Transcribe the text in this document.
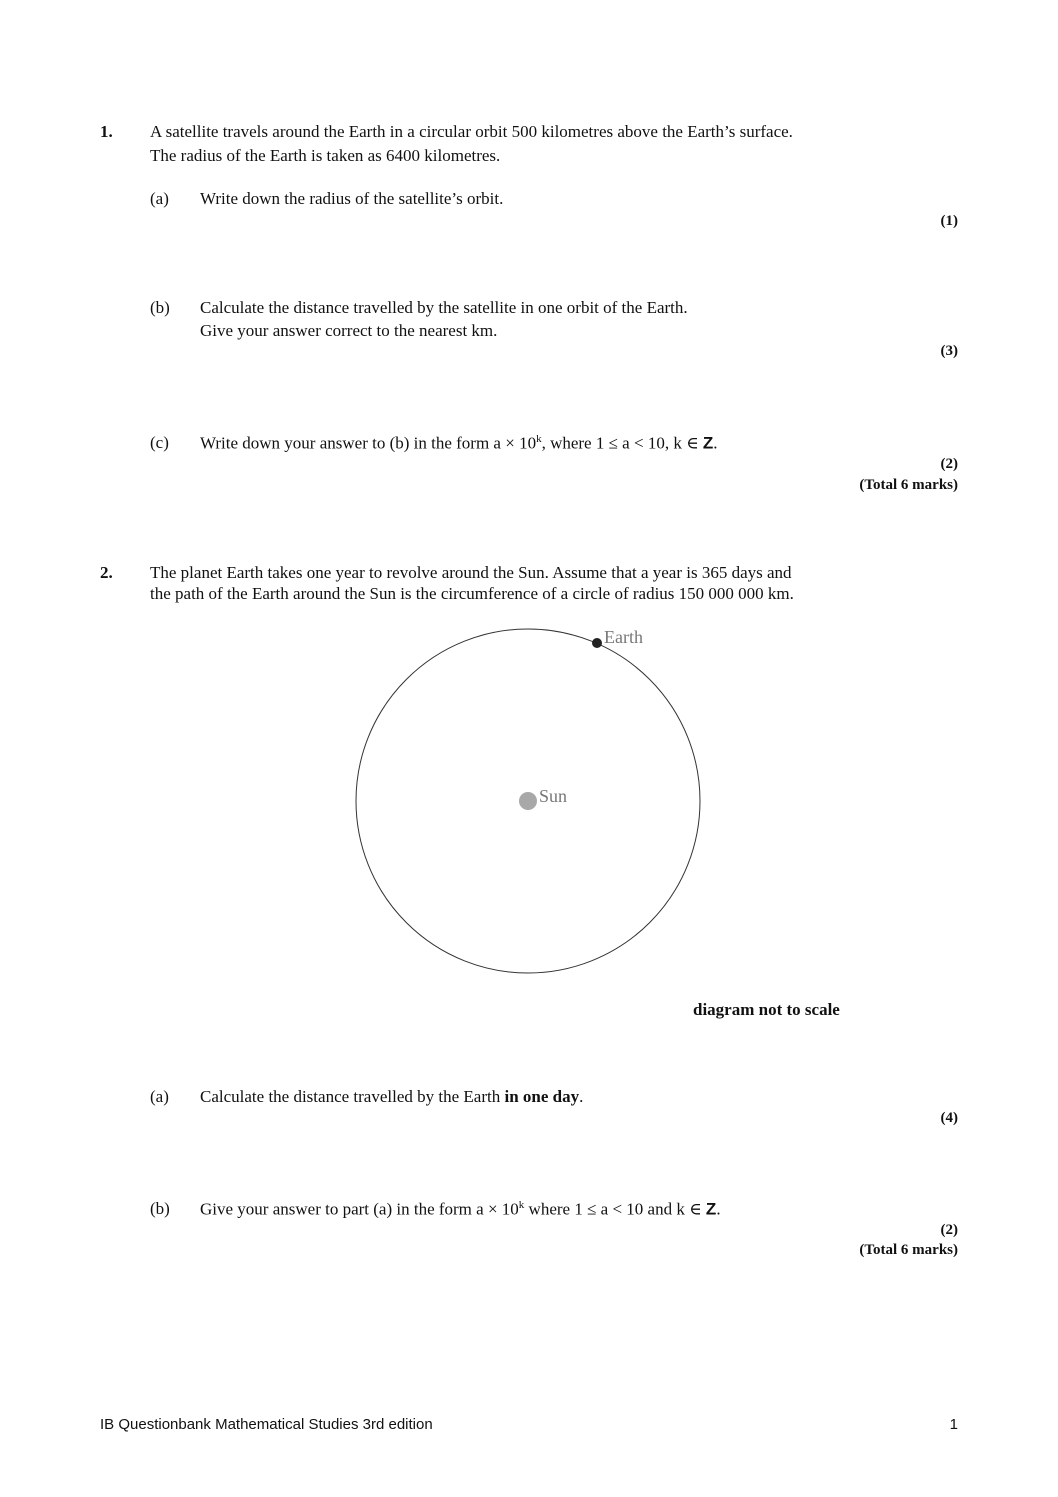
1. A satellite travels around the Earth in a circular orbit 500 kilometres above the Earth’s surface.
The radius of the Earth is taken as 6400 kilometres.
(a) Write down the radius of the satellite’s orbit.
(1)
(b) Calculate the distance travelled by the satellite in one orbit of the Earth.
Give your answer correct to the nearest km.
(3)
(c) Write down your answer to (b) in the form $a \times 10^k$, where 1 ≤ a < 10, k ∈ Z.
(2)
(Total 6 marks)
2. The planet Earth takes one year to revolve around the Sun. Assume that a year is 365 days and
the path of the Earth around the Sun is the circumference of a circle of radius 150 000 000 km.
Earth
Sun
diagram not to scale
(a) Calculate the distance travelled by the Earth in one day.
(4)
(b) Give your answer to part (a) in the form $a \times 10^k$ where 1 ≤ a < 10 and k ∈ Z.
(2)
(Total 6 marks)
IB Questionbank Mathematical Studies 3rd edition	1
